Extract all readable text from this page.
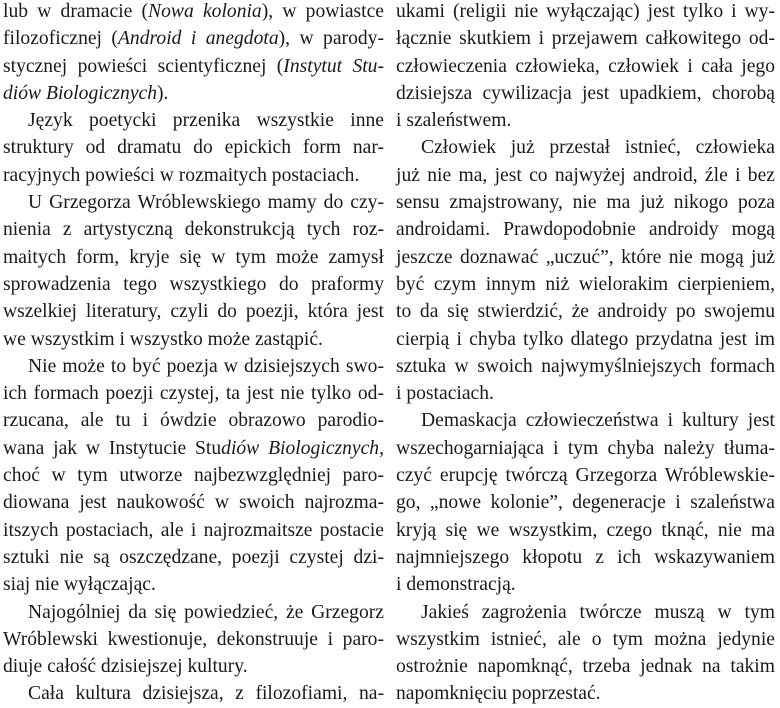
lub w dramacie (Nowa kolonia), w powiastce
filozoficznej (Android i anegdota), w parody-
stycznej powieści scientyficznej (Instytut Stu-
diów Biologicznych).
Język poetycki przenika wszystkie inne
struktury od dramatu do epickich form nar-
racyjnych powieści w rozmaitych postaciach.
U Grzegorza Wróblewskiego mamy do czy-
nienia z artystyczną dekonstrukcją tych roz-
maitych form, kryje się w tym może zamysł
sprowadzenia tego wszystkiego do praformy
wszelkiej literatury, czyli do poezji, która jest
we wszystkim i wszystko może zastąpić.
Nie może to być poezja w dzisiejszych swo-
ich formach poezji czystej, ta jest nie tylko od-
rzucana, ale tu i ówdzie obrazowo parodio-
wana jak w Instytucie Studiów Biologicznych,
choć w tym utworze najbezwzględniej paro-
diowana jest naukowość w swoich najrozma-
itszych postaciach, ale i najrozmaitsze postacie
sztuki nie są oszczędzane, poezji czystej dzi-
siaj nie wyłączając.
Najogólniej da się powiedzieć, że Grzegorz
Wróblewski kwestionuje, dekonstruuje i paro-
diuje całość dzisiejszej kultury.
Cała kultura dzisiejsza, z filozofiami, na-
ukami (religii nie wyłączając) jest tylko i wy-
łącznie skutkiem i przejawem całkowitego od-
człowieczenia człowieka, człowiek i cała jego
dzisiejsza cywilizacja jest upadkiem, chorobą
i szaleństwem.
Człowiek już przestał istnieć, człowieka
już nie ma, jest co najwyżej android, źle i bez
sensu zmajstrowany, nie ma już nikogo poza
androidami. Prawdopodobnie androidy mogą
jeszcze doznawać „uczuć”, które nie mogą już
być czym innym niż wielorakim cierpieniem,
to da się stwierdzić, że androidy po swojemu
cierpią i chyba tylko dlatego przydatna jest im
sztuka w swoich najwymyślniejszych formach
i postaciach.
Demaskacja człowieczeństwa i kultury jest
wszechogarniająca i tym chyba należy tłuma-
czyć erupcję twórczą Grzegorza Wróblewskie-
go, „nowe kolonie”, degeneracje i szaleństwa
kryją się we wszystkim, czego tknąć, nie ma
najmniejszego kłopotu z ich wskazywaniem
i demonstracją.
Jakieś zagrożenia twórcze muszą w tym
wszystkim istnieć, ale o tym można jedynie
ostrożnie napomknąć, trzeba jednak na takim
napomknięciu poprzestać.
